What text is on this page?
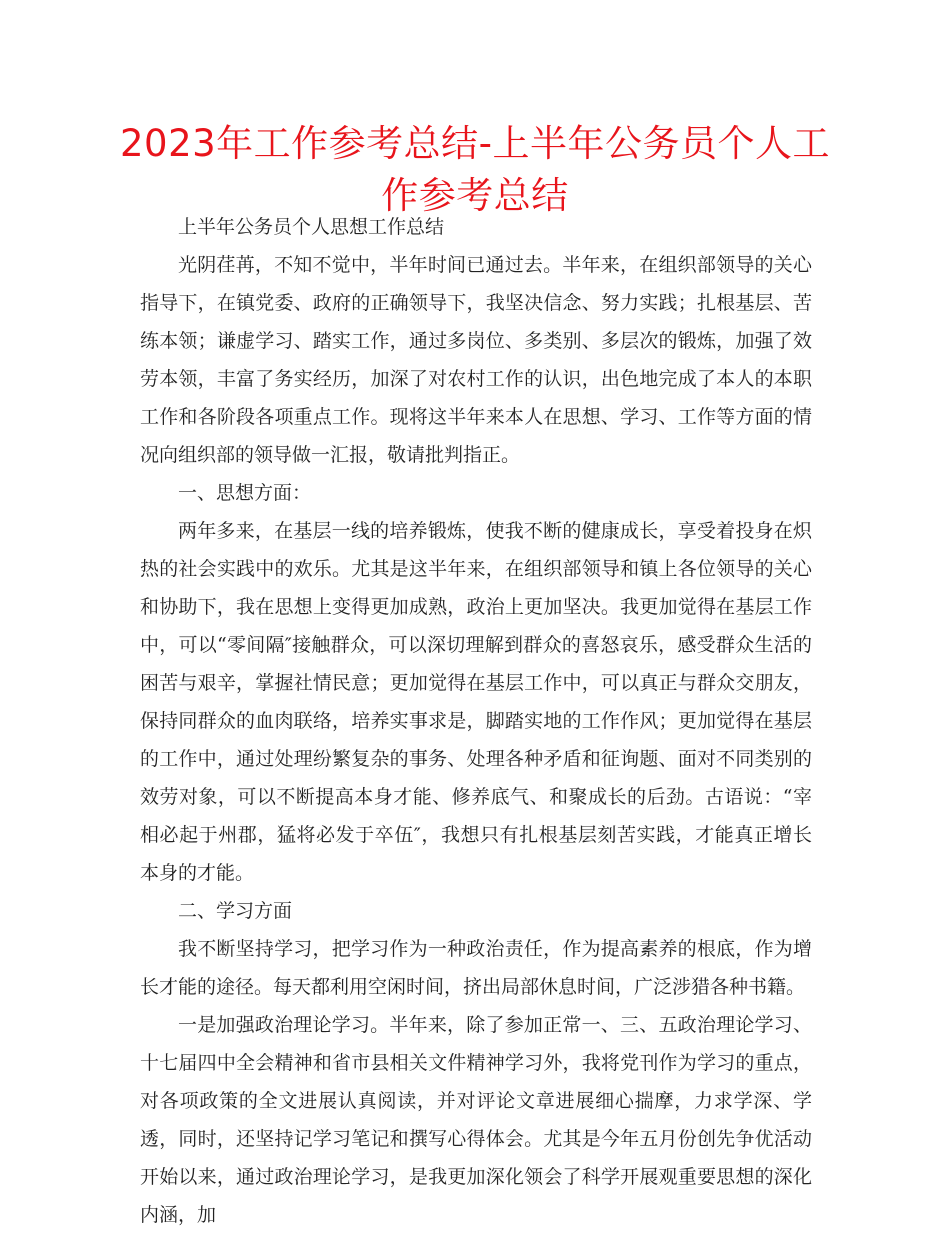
2023年工作参考总结-上半年公务员个人工作参考总结

上半年公务员个人思想工作总结

光阴荏苒，不知不觉中，半年时间已通过去。半年来，在组织部领导的关心指导下，在镇党委、政府的正确领导下，我坚决信念、努力实践；扎根基层、苦练本领；谦虚学习、踏实工作，通过多岗位、多类别、多层次的锻炼，加强了效劳本领，丰富了务实经历，加深了对农村工作的认识，出色地完成了本人的本职工作和各阶段各项重点工作。现将这半年来本人在思想、学习、工作等方面的情况向组织部的领导做一汇报，敬请批判指正。

一、思想方面：

两年多来，在基层一线的培养锻炼，使我不断的健康成长，享受着投身在炽热的社会实践中的欢乐。尤其是这半年来，在组织部领导和镇上各位领导的关心和协助下，我在思想上变得更加成熟，政治上更加坚决。我更加觉得在基层工作中，可以“零间隔″接触群众，可以深切理解到群众的喜怒哀乐，感受群众生活的困苦与艰辛，掌握社情民意；更加觉得在基层工作中，可以真正与群众交朋友，保持同群众的血肉联络，培养实事求是，脚踏实地的工作作风；更加觉得在基层的工作中，通过处理纷繁复杂的事务、处理各种矛盾和征询题、面对不同类别的效劳对象，可以不断提高本身才能、修养底气、和聚成长的后劲。古语说：“宰相必起于州郡，猛将必发于卒伍″，我想只有扎根基层刻苦实践，才能真正增长本身的才能。

二、学习方面

我不断坚持学习，把学习作为一种政治责任，作为提高素养的根底，作为增长才能的途径。每天都利用空闲时间，挤出局部休息时间，广泛涉猎各种书籍。

一是加强政治理论学习。半年来，除了参加正常一、三、五政治理论学习、十七届四中全会精神和省市县相关文件精神学习外，我将党刊作为学习的重点，对各项政策的全文进展认真阅读，并对评论文章进展细心揣摩，力求学深、学透，同时，还坚持记学习笔记和撰写心得体会。尤其是今年五月份创先争优活动开始以来，通过政治理论学习，是我更加深化领会了科学开展观重要思想的深化内涵，加
